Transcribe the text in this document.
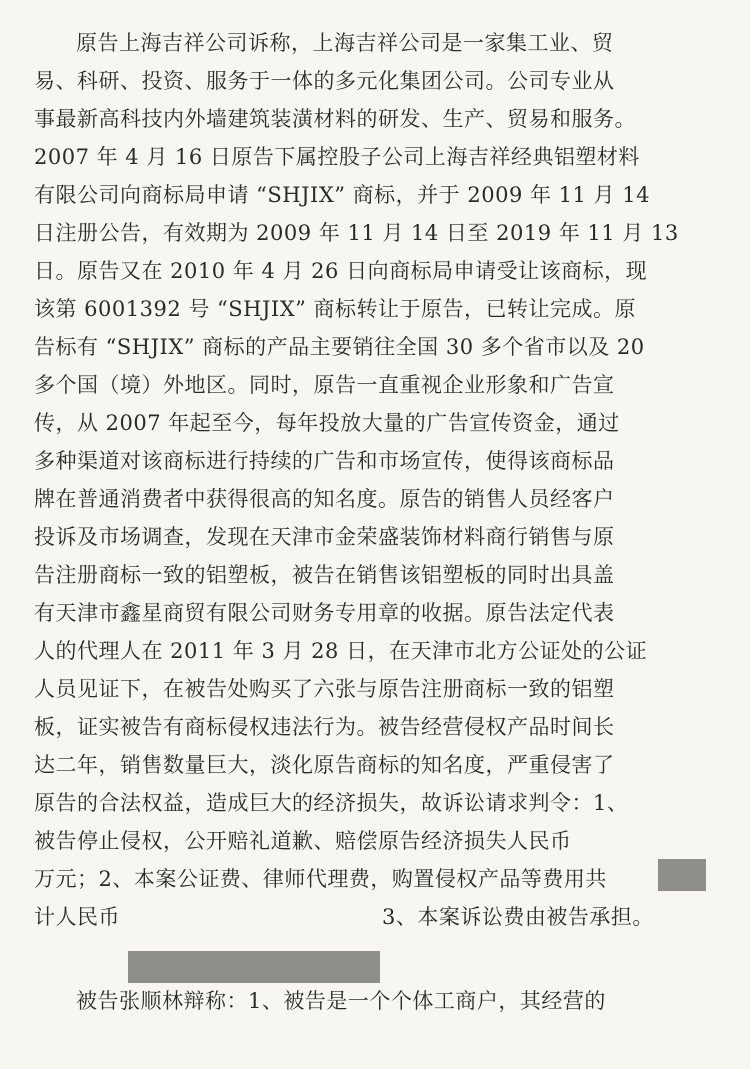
原告上海吉祥公司诉称，上海吉祥公司是一家集工业、贸
易、科研、投资、服务于一体的多元化集团公司。公司专业从
事最新高科技内外墙建筑装潢材料的研发、生产、贸易和服务。
2007 年 4 月 16 日原告下属控股子公司上海吉祥经典铝塑材料
有限公司向商标局申请 “SHJIX” 商标，并于 2009 年 11 月 14
日注册公告，有效期为 2009 年 11 月 14 日至 2019 年 11 月 13
日。原告又在 2010 年 4 月 26 日向商标局申请受让该商标，现
该第 6001392 号 “SHJIX” 商标转让于原告，已转让完成。原
告标有 “SHJIX” 商标的产品主要销往全国 30 多个省市以及 20
多个国（境）外地区。同时，原告一直重视企业形象和广告宣
传，从 2007 年起至今，每年投放大量的广告宣传资金，通过
多种渠道对该商标进行持续的广告和市场宣传，使得该商标品
牌在普通消费者中获得很高的知名度。原告的销售人员经客户
投诉及市场调查，发现在天津市金荣盛装饰材料商行销售与原
告注册商标一致的铝塑板，被告在销售该铝塑板的同时出具盖
有天津市鑫星商贸有限公司财务专用章的收据。原告法定代表
人的代理人在 2011 年 3 月 28 日，在天津市北方公证处的公证
人员见证下，在被告处购买了六张与原告注册商标一致的铝塑
板，证实被告有商标侵权违法行为。被告经营侵权产品时间长
达二年，销售数量巨大，淡化原告商标的知名度，严重侵害了
原告的合法权益，造成巨大的经济损失，故诉讼请求判令：1、
被告停止侵权，公开赔礼道歉、赔偿原告经济损失人民币
万元；2、本案公证费、律师代理费，购置侵权产品等费用共
计人民币	3、本案诉讼费由被告承担。
被告张顺林辩称：1、被告是一个个体工商户，其经营的
